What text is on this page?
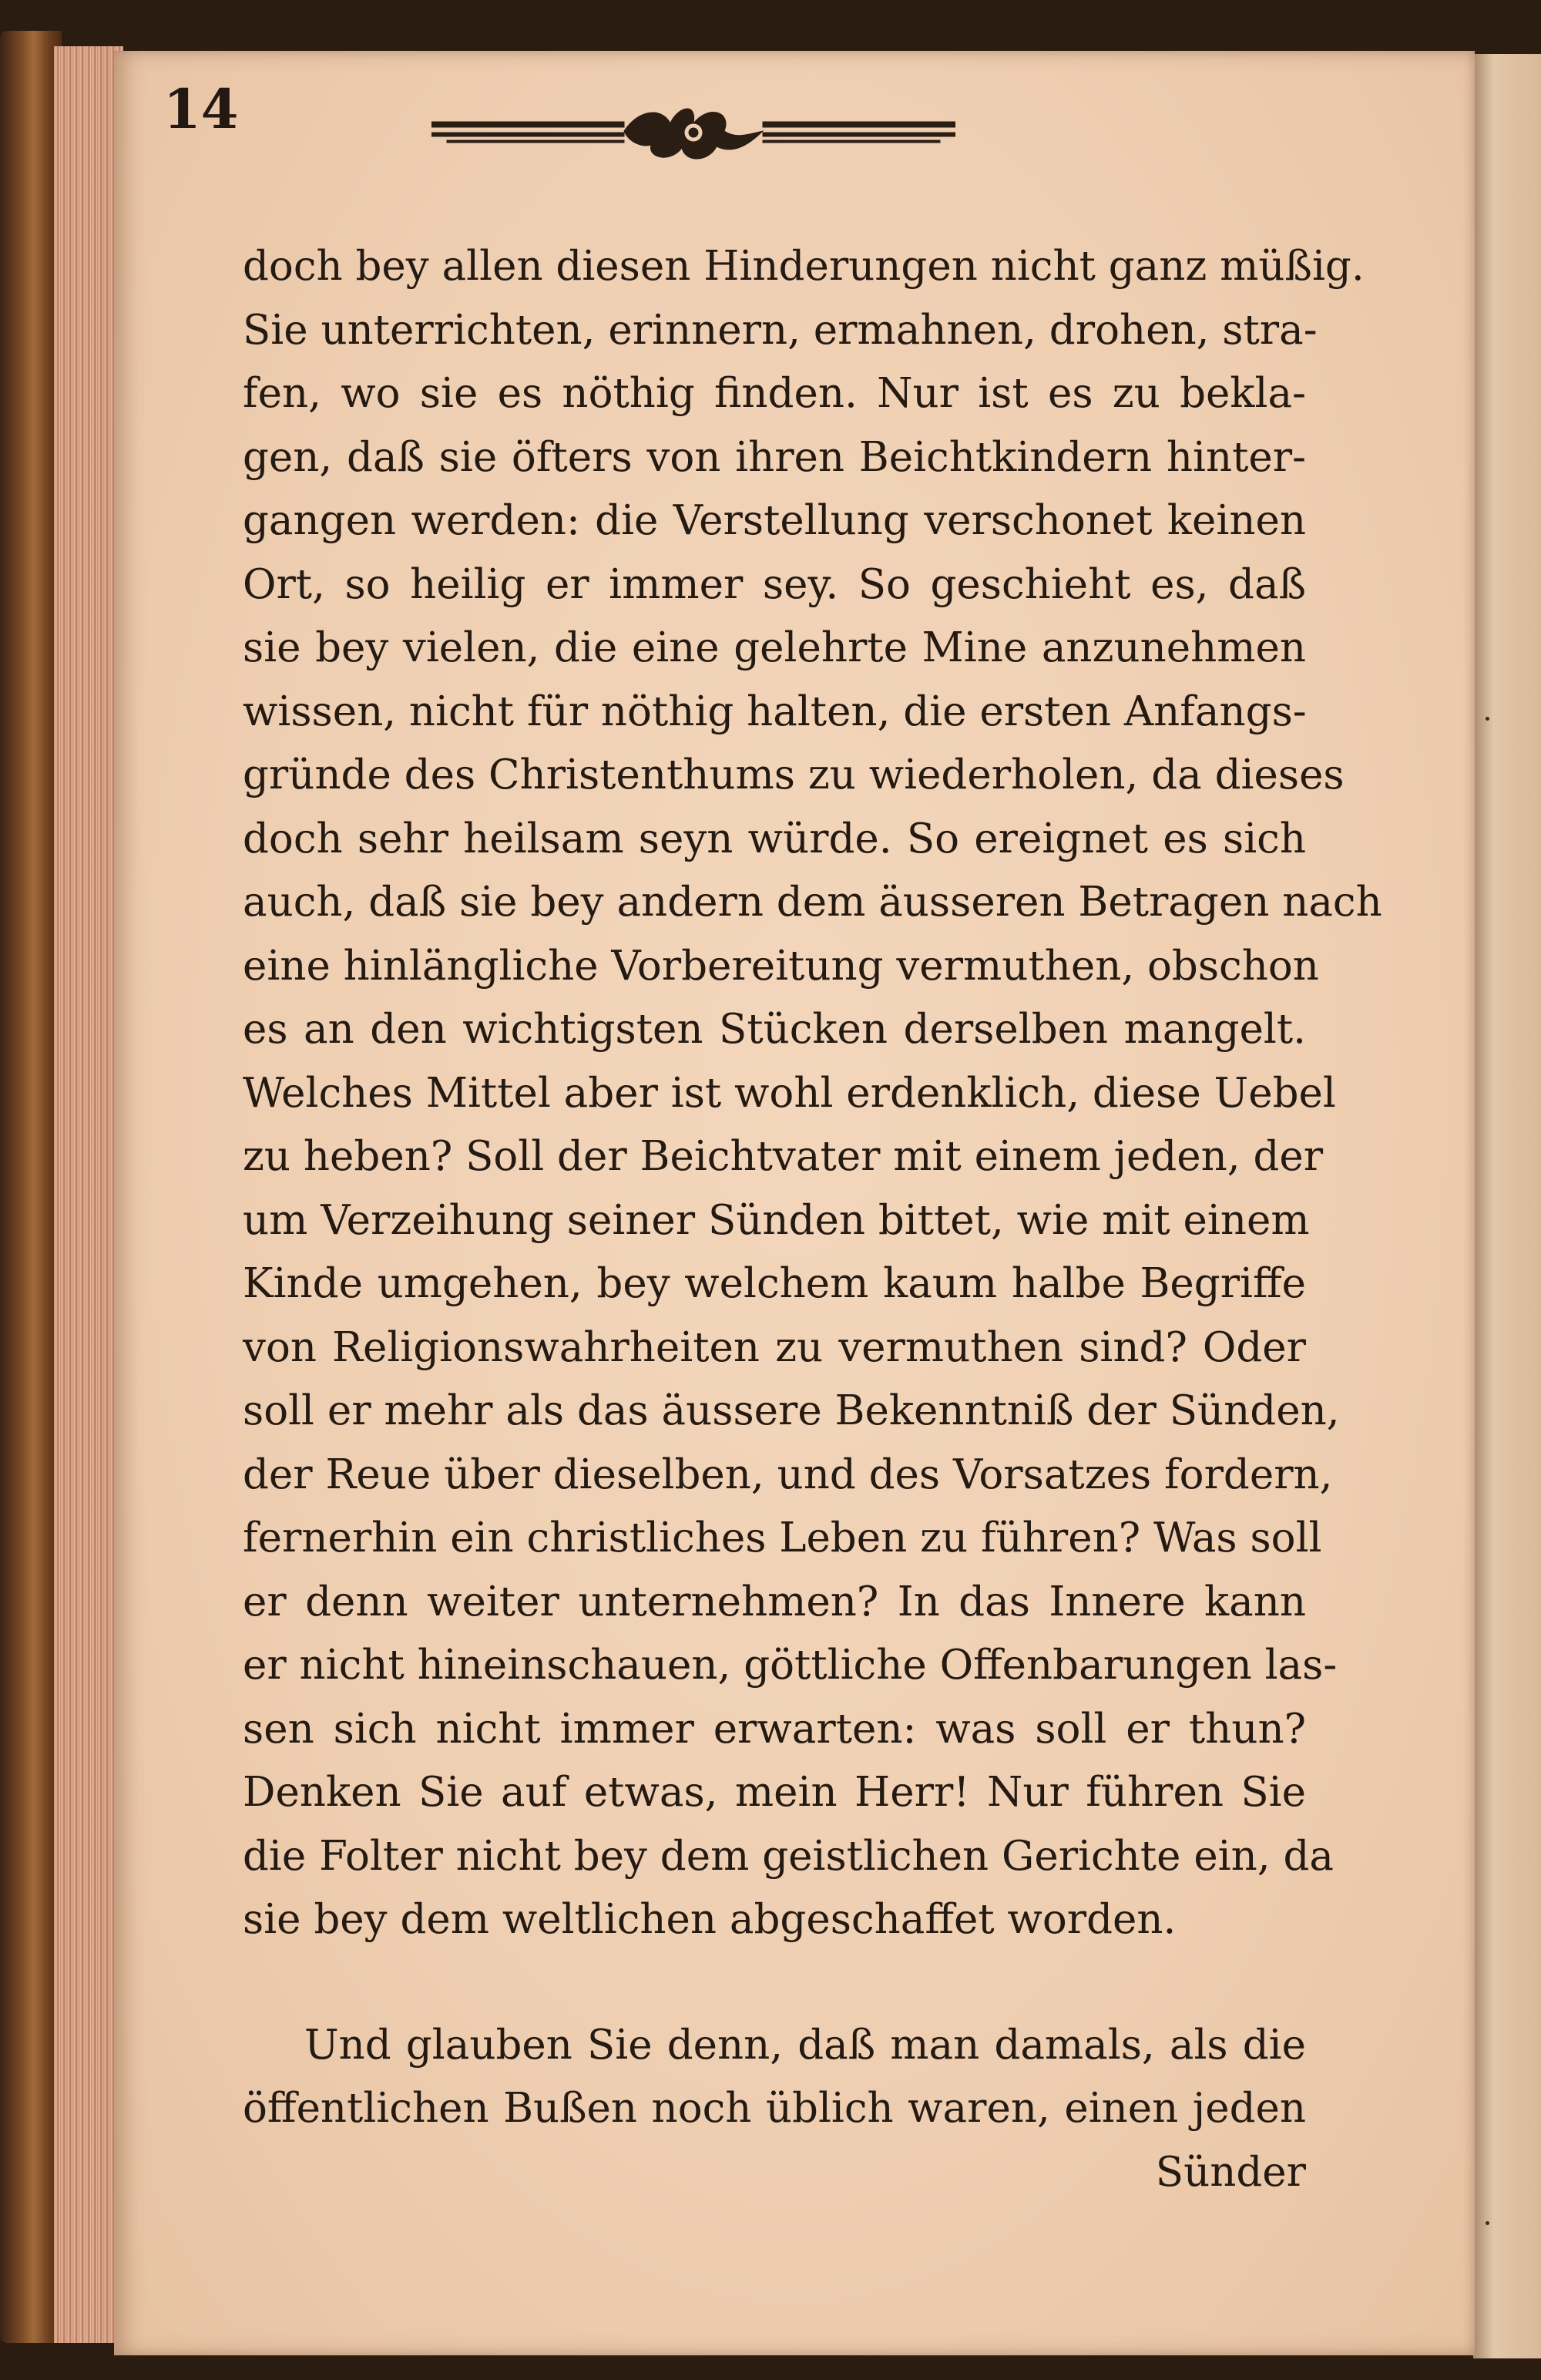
14
doch bey allen diesen Hinderungen nicht ganz müßig.
Sie unterrichten, erinnern, ermahnen, drohen, stra-
fen, wo sie es nöthig finden. Nur ist es zu bekla-
gen, daß sie öfters von ihren Beichtkindern hinter-
gangen werden: die Verstellung verschonet keinen
Ort, so heilig er immer sey. So geschieht es, daß
sie bey vielen, die eine gelehrte Mine anzunehmen
wissen, nicht für nöthig halten, die ersten Anfangs-
gründe des Christenthums zu wiederholen, da dieses
doch sehr heilsam seyn würde. So ereignet es sich
auch, daß sie bey andern dem äusseren Betragen nach
eine hinlängliche Vorbereitung vermuthen, obschon
es an den wichtigsten Stücken derselben mangelt.
Welches Mittel aber ist wohl erdenklich, diese Uebel
zu heben? Soll der Beichtvater mit einem jeden, der
um Verzeihung seiner Sünden bittet, wie mit einem
Kinde umgehen, bey welchem kaum halbe Begriffe
von Religionswahrheiten zu vermuthen sind? Oder
soll er mehr als das äussere Bekenntniß der Sünden,
der Reue über dieselben, und des Vorsatzes fordern,
fernerhin ein christliches Leben zu führen? Was soll
er denn weiter unternehmen? In das Innere kann
er nicht hineinschauen, göttliche Offenbarungen las-
sen sich nicht immer erwarten: was soll er thun?
Denken Sie auf etwas, mein Herr! Nur führen Sie
die Folter nicht bey dem geistlichen Gerichte ein, da
sie bey dem weltlichen abgeschaffet worden.
Und glauben Sie denn, daß man damals, als die
öffentlichen Bußen noch üblich waren, einen jeden
Sünder
